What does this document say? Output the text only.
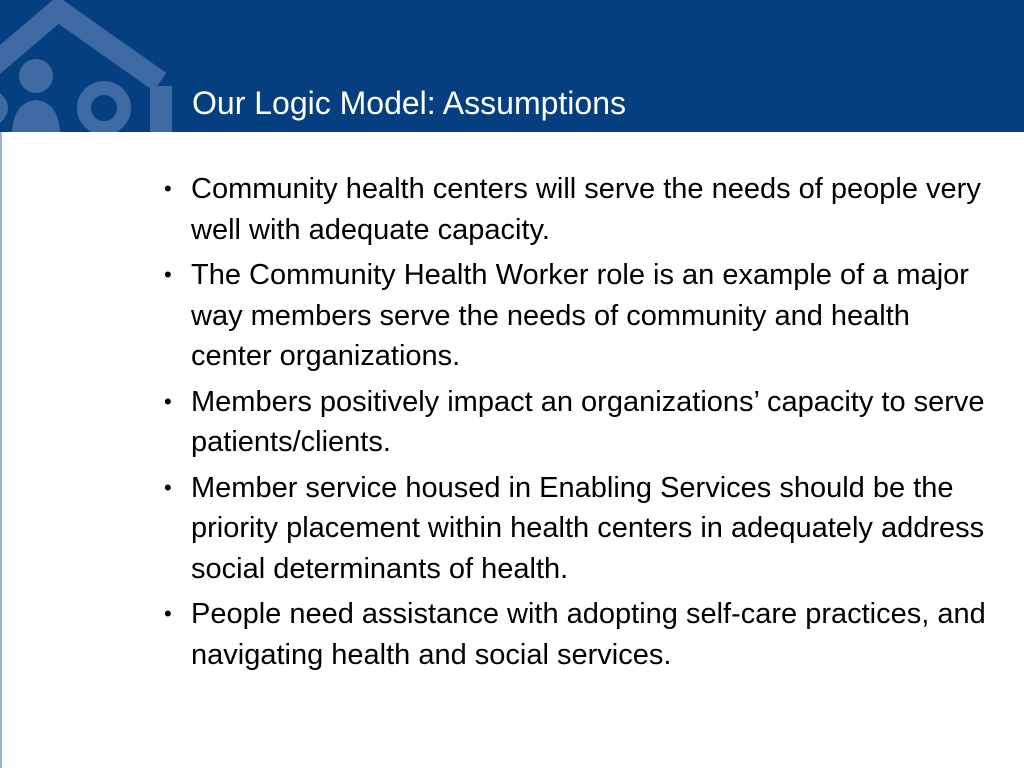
Our Logic Model: Assumptions
• Community health centers will serve the needs of people very well with adequate capacity.
• The Community Health Worker role is an example of a major way members serve the needs of community and health center organizations.
• Members positively impact an organizations’ capacity to serve patients/clients.
• Member service housed in Enabling Services should be the priority placement within health centers in adequately address social determinants of health.
• People need assistance with adopting self-care practices, and navigating health and social services.
